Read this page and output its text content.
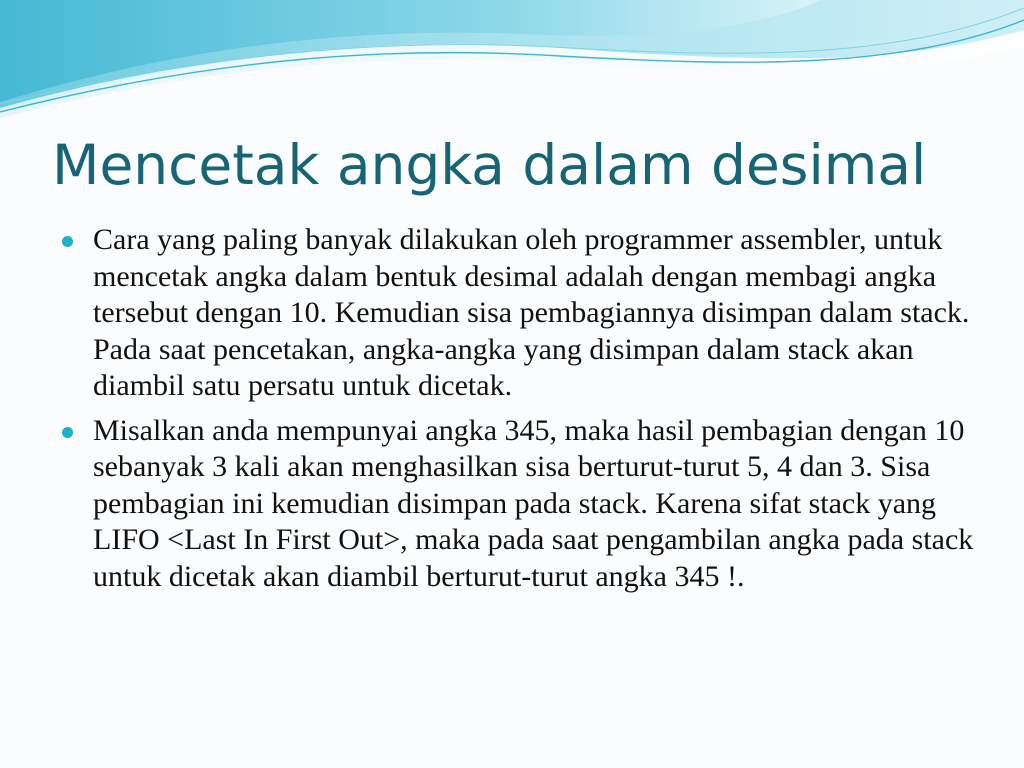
Mencetak angka dalam desimal
Cara yang paling banyak dilakukan oleh programmer assembler, untuk mencetak angka dalam bentuk desimal adalah dengan membagi angka tersebut dengan 10. Kemudian sisa pembagiannya disimpan dalam stack. Pada saat pencetakan, angka-angka yang disimpan dalam stack akan diambil satu persatu untuk dicetak.
Misalkan anda mempunyai angka 345, maka hasil pembagian dengan 10 sebanyak 3 kali akan menghasilkan sisa berturut-turut 5, 4 dan 3. Sisa pembagian ini kemudian disimpan pada stack. Karena sifat stack yang LIFO <Last In First Out>, maka pada saat pengambilan angka pada stack untuk dicetak akan diambil berturut-turut angka 345 !.
